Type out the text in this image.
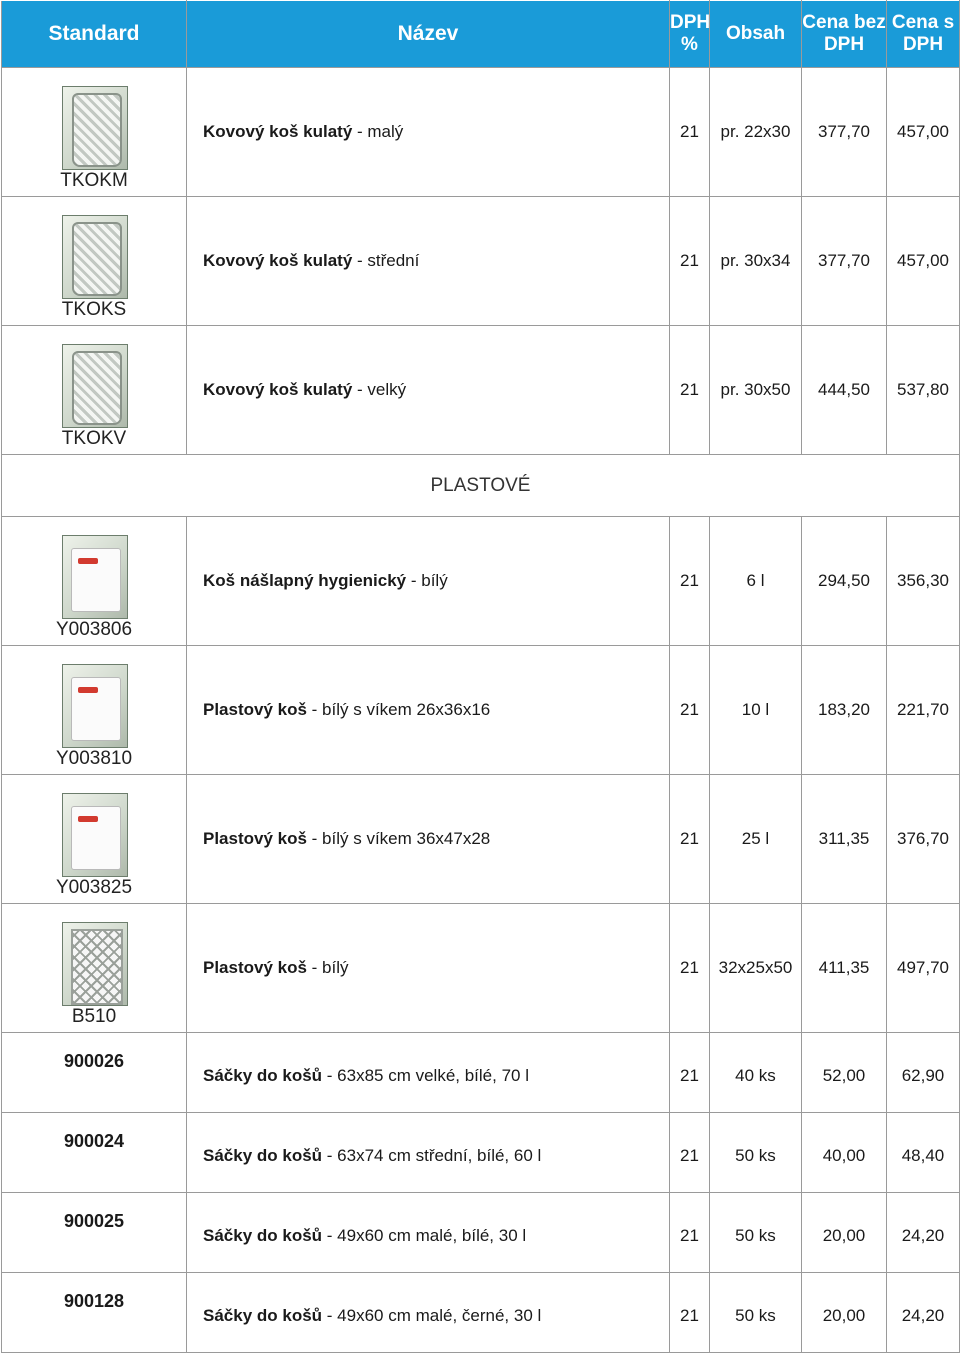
Standard	Název	DPH %	Obsah	Cena bez DPH	Cena s DPH

TKOKM	Kovový koš kulatý - malý	21	pr. 22x30	377,70	457,00

TKOKS	Kovový koš kulatý - střední	21	pr. 30x34	377,70	457,00

TKOKV	Kovový koš kulatý - velký	21	pr. 30x50	444,50	537,80
PLASTOVÉ					

Y003806	Koš nášlapný hygienický - bílý	21	6 l	294,50	356,30

Y003810	Plastový koš - bílý s víkem 26x36x16	21	10 l	183,20	221,70

Y003825	Plastový koš - bílý s víkem 36x47x28	21	25 l	311,35	376,70

B510	Plastový koš - bílý	21	32x25x50	411,35	497,70
900026	Sáčky do košů - 63x85 cm velké, bílé, 70 l	21	40 ks	52,00	62,90
900024	Sáčky do košů - 63x74 cm střední, bílé, 60 l	21	50 ks	40,00	48,40
900025	Sáčky do košů - 49x60 cm malé, bílé, 30 l	21	50 ks	20,00	24,20
900128	Sáčky do košů - 49x60 cm malé, černé, 30 l	21	50 ks	20,00	24,20
